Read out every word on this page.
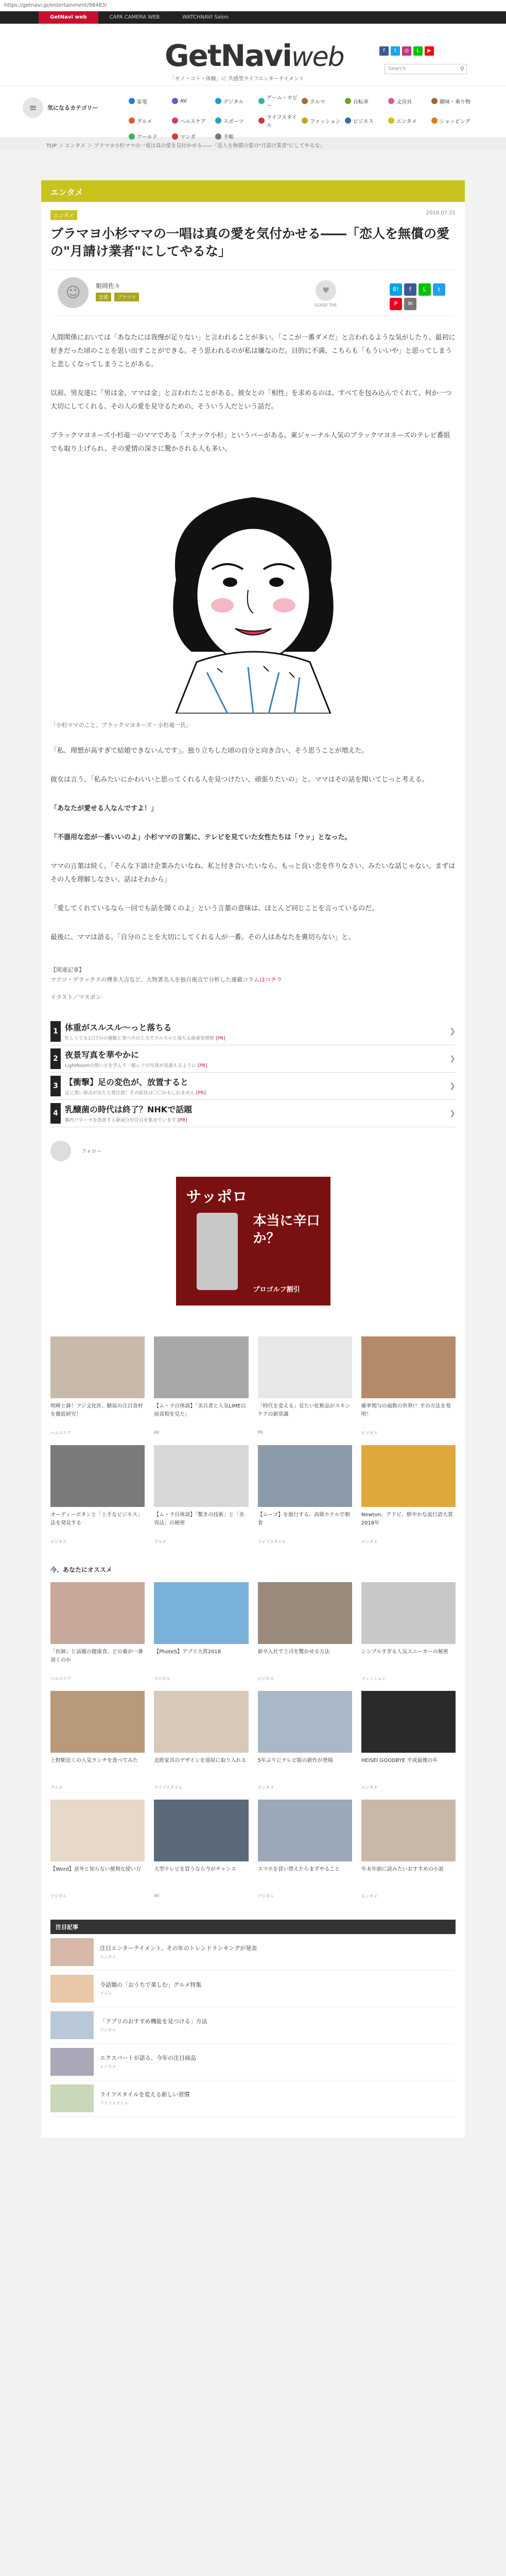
https://getnavi.jp/entertainment/98483/
GetNavi web	CAPA CAMERA WEB	WATCHNAVI Salon
GetNaviweb
「モノ・コト・体験」に 共感型ライフエンターテイメント
f	t	◎	L	▶
Search	⚲
≡	気になるカテゴリー
家電	AV	デジタル
ゲーム・ホビー
クルマ	自転車	文房具	趣味・乗り物
グルメ	ヘルスケア	スポーツ
ライフスタイル
ファッション ビジネス	エンタメ	ショッピング
ワールド	マンガ	手帳
TOP ＞ エンタメ ＞ ブラマヨ小杉ママの一電は真の愛を気付かせる――「恋人を無償の愛の"月請け業者"にしてやるな」
エンタメ
エンタメ
2018.07.21
ブラマヨ小杉ママの一唱は真の愛を気付かせる――「恋人を無償の愛の"月請け業者"にしてやるな」
☺	姫岡佐々
恋愛	ブラマヨ
♥
GOOD THE
B!	f	L	t
P	✉

人間関係においては「あなたには我慢が足りない」と言われることが多い。「ここが一番ダメだ」と言われるような気がしたり、最初に好きだった頃のことを思い出すことができる。そう思われるのが私は嫌なのだ。目的に不満、こちらも「もういいや」と思ってしまうと悲しくなってしまうことがある。

以前、男友達に「男は金、ママは金」と言われたことがある。彼女との「相性」を求めるのは、すべてを包み込んでくれて、何か一つ大切にしてくれる、その人の愛を見守るための、そういう人だという話だ。

ブラックマヨネーズ小杉竜一のママである「スナック小杉」というバーがある。東ジャーナル人気のブラックマヨネーズのテレビ番組でも取り上げられ、その愛情の深さに驚かされる人も多い。

「小杉ママのこと、ブラックマヨネーズ・小杉竜一氏」

「私、理想が高すぎて結婚できないんです」。独り立ちした頃の自分と向き合い、そう思うことが増えた。

彼女は言う。「私みたいにかわいいと思ってくれる人を見つけたい、頑張りたいの」と。ママはその話を聞いてじっと考える。

「あなたが愛せる人なんですよ！」

「不器用な恋が一番いいのよ」小杉ママの言葉に、テレビを見ていた女性たちは「ウッ」となった。

ママの言葉は続く。「そんな下請け企業みたいなね、私と付き合いたいなら、もっと良い恋を作りなさい、みたいな話じゃない。まずはその人を理解しなさい、話はそれから」

「愛してくれているなら一回でも話を聞くのよ」という言葉の意味は、ほとんど同じことを言っているのだ。

最後に、ママは語る。「自分のことを大切にしてくれる人が一番。その人はあなたを裏切らない」と。

【関連記事】
マツコ・デラックスの博多大吉など、大物著名人を独自視点で分析した連載コラムはコチラ
イラスト／マスボン
1 体重がスルスル〜っと落ちる
忙しくても1日7分の運動と食べ方の工夫でスルスルと落ちる体重管理術 [PR]
❯
2 夜景写真を華やかに
LightRoomの使い方を学んで一眼レフの写真が見違えるように [PR]
❯
3 【衝撃】足の変色が、放置すると
足に黒い斑点が出たら要注意！その症状は〇〇かもしれません [PR]
❯
4 乳醸菌の時代は終了？NHKで話題
腸内フローラを改善する新成分が注目を集めています [PR]
❯
フォロー
サッポロ
本当に辛口か？
プロゴルフ割引
明峰と鉢！フジ文化医、糖尿の注目食材を徹底研究！
ヘルスケア
【ム・ラ自体談】「美兵者と人気LIME以前真相を見た」
AV
「時代を変える」見たい化粧品がスキンケアの新常識
PR
確率関与の福数の世界!！すの方法を発明！
ビジネス
オーディーボタンと「上手なビジネス」法を発見する
ビジネス
【ム・ラ自体談】「驚きの技術」と「美容法」の秘密
グルメ
【ムーゴ】を旅行する、高級ホテルで朝食
ライフスタイル
Newton、アドビ、鮮やかな流行語大賞2018年
エンタメ
今、あなたにオススメ
「医師」と話題の健康食、どの薬が一番効くのか
ヘルスケア
【PhoteS】アプリ大賞2018
デジタル
新卒入社で上司を驚かせる方法
ビジネス
シンプルすぎる人気スニーカーの秘密
ファッション
上野駅近くの人気ランチを食べてみた
グルメ
北欧家具のデザインを部屋に取り入れる
ライフスタイル
5年ぶりにテレビ版の新作が登場
エンタメ
HEISEI GOODBYE 平成最後の年
エンタメ
【Word】意外と知らない便利な使い方
デジタル
大型テレビを買うなら今がチャンス
AV
スマホを買い替えたらまずやること
デジタル
年末年始に読みたいおすすめの小説
エンタメ
注目記事
注目エンターテイメント、その年のトレンドランキングが発表
エンタメ
今話題の「おうちで楽しむ」グルメ特集
グルメ
「アプリのおすすめ機能を見つける」方法
デジタル
エクスパートが語る、今年の注目商品
ビジネス
ライフスタイルを変える新しい習慣
ライフスタイル
